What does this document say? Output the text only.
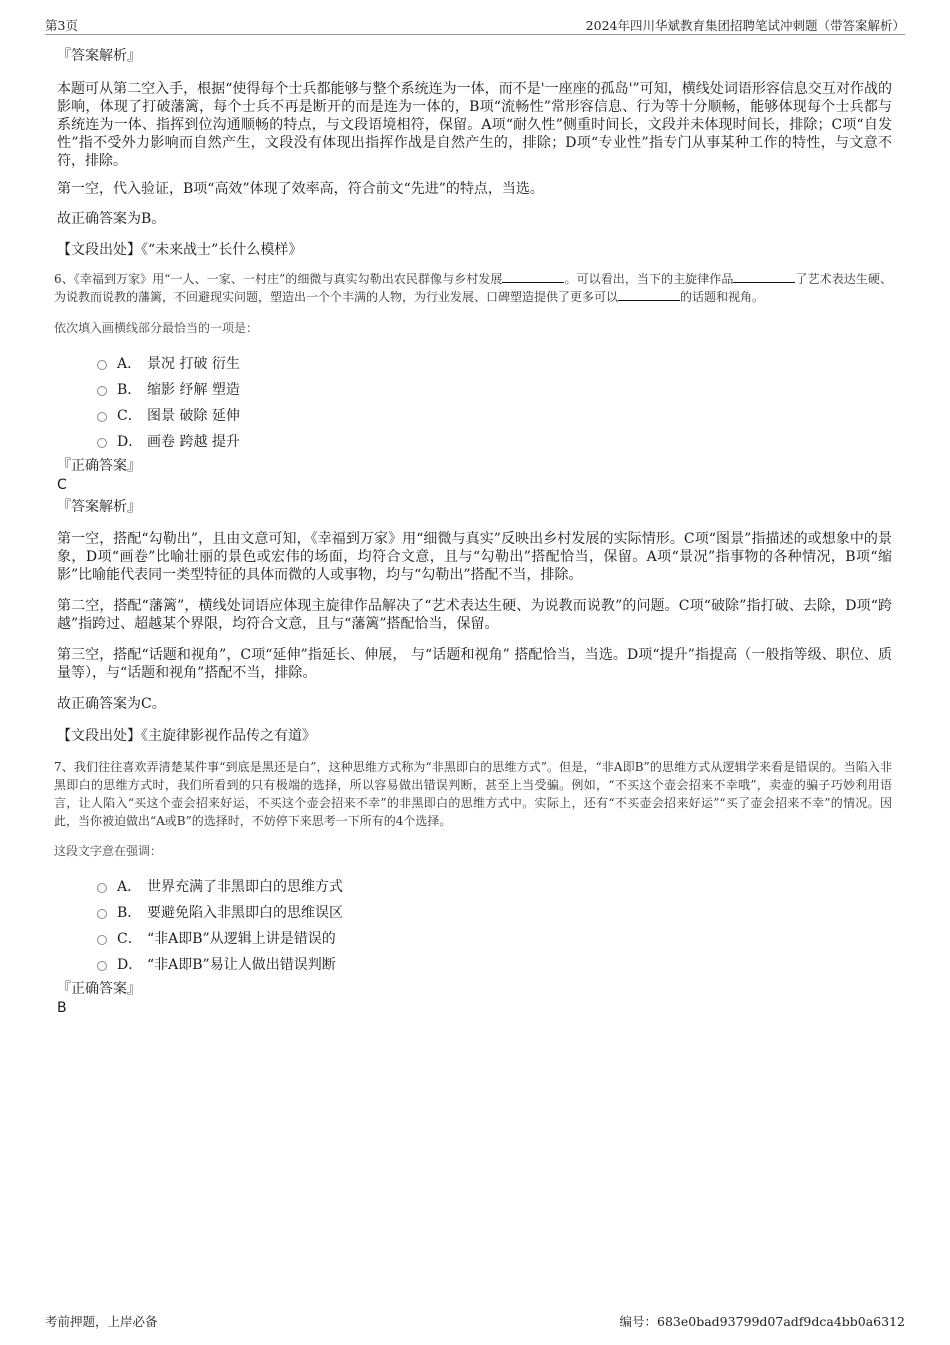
第3页	2024年四川华斌教育集团招聘笔试冲刺题（带答案解析）

『答案解析』

本题可从第二空入手，根据“使得每个士兵都能够与整个系统连为一体，而不是'一座座的孤岛'”可知，横线处词语形容信息交互对作战的影响，体现了打破藩篱，每个士兵不再是断开的而是连为一体的，B项“流畅性”常形容信息、行为等十分顺畅，能够体现每个士兵都与系统连为一体、指挥到位沟通顺畅的特点，与文段语境相符，保留。A项“耐久性”侧重时间长，文段并未体现时间长，排除；C项“自发性”指不受外力影响而自然产生，文段没有体现出指挥作战是自然产生的，排除；D项“专业性”指专门从事某种工作的特性，与文意不符，排除。

第一空，代入验证，B项“高效”体现了效率高，符合前文“先进”的特点，当选。

故正确答案为B。

【文段出处】《“未来战士”长什么模样》

6、《幸福到万家》用“一人、一家、一村庄”的细微与真实勾勒出农民群像与乡村发展	。可以看出，当下的主旋律作品	了艺术表达生硬、为说教而说教的藩篱，不回避现实问题，塑造出一个个丰满的人物，为行业发展、口碑塑造提供了更多可以	的话题和视角。

依次填入画横线部分最恰当的一项是：

A． 景况 打破 衍生
B． 缩影 纾解 塑造
C． 图景 破除 延伸
D． 画卷 跨越 提升

『正确答案』

C

『答案解析』

第一空，搭配“勾勒出”，且由文意可知，《幸福到万家》用“细微与真实”反映出乡村发展的实际情形。C项“图景”指描述的或想象中的景象，D项“画卷”比喻壮丽的景色或宏伟的场面，均符合文意，且与“勾勒出”搭配恰当，保留。A项“景况”指事物的各种情况，B项“缩影”比喻能代表同一类型特征的具体而微的人或事物，均与“勾勒出”搭配不当，排除。

第二空，搭配“藩篱”，横线处词语应体现主旋律作品解决了“艺术表达生硬、为说教而说教”的问题。C项“破除”指打破、去除，D项“跨越”指跨过、超越某个界限，均符合文意，且与“藩篱”搭配恰当，保留。

第三空，搭配“话题和视角”，C项“延伸”指延长、伸展， 与“话题和视角” 搭配恰当，当选。D项“提升”指提高（一般指等级、职位、质量等），与“话题和视角”搭配不当，排除。

故正确答案为C。

【文段出处】《主旋律影视作品传之有道》

7、我们往往喜欢弄清楚某件事“到底是黑还是白”，这种思维方式称为“非黑即白的思维方式”。但是，“非A即B”的思维方式从逻辑学来看是错误的。当陷入非黑即白的思维方式时，我们所看到的只有极端的选择，所以容易做出错误判断，甚至上当受骗。例如，“不买这个壶会招来不幸哦”，卖壶的骗子巧妙利用语言，让人陷入“买这个壶会招来好运，不买这个壶会招来不幸”的非黑即白的思维方式中。实际上，还有“不买壶会招来好运”“买了壶会招来不幸”的情况。因此，当你被迫做出“A或B”的选择时，不妨停下来思考一下所有的4个选择。

这段文字意在强调：

A． 世界充满了非黑即白的思维方式
B． 要避免陷入非黑即白的思维误区
C． “非A即B”从逻辑上讲是错误的
D． “非A即B”易让人做出错误判断

『正确答案』

B

考前押题，上岸必备	编号：683e0bad93799d07adf9dca4bb0a6312
